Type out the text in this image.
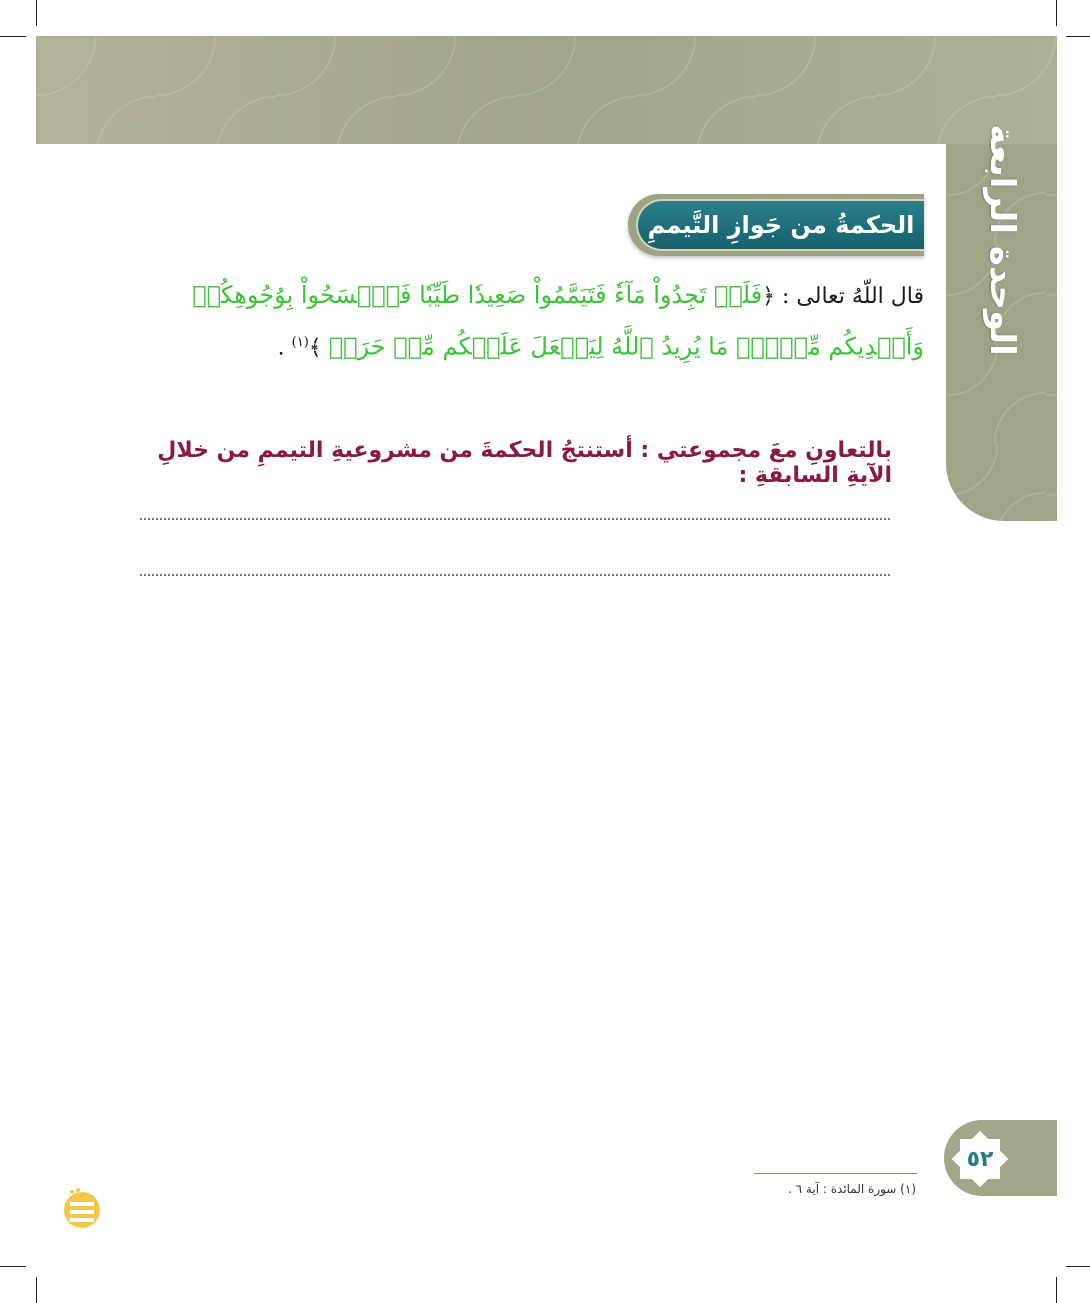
الوحدة الرابعة
الحكمةُ من جَوازِ التَّيممِ
قال اللّهُ تعالى : ﴿فَلَمۡ تَجِدُواْ مَآءٗ فَتَيَمَّمُواْ صَعِيدٗا طَيِّبٗا فَٱمۡسَحُواْ بِوُجُوهِكُمۡ وَأَيۡدِيكُم مِّنۡهُۚ مَا يُرِيدُ ٱللَّهُ لِيَجۡعَلَ عَلَيۡكُم مِّنۡ حَرَجٖ ﴾$^{(١)}$ .
بالتعاونِ معَ مجموعتي : أستنتجُ الحكمةَ من مشروعيةِ التيممِ من خلالِ الآيةِ السابقةِ :
٥٢
(١) سورة المائدة : آية ٦ .
